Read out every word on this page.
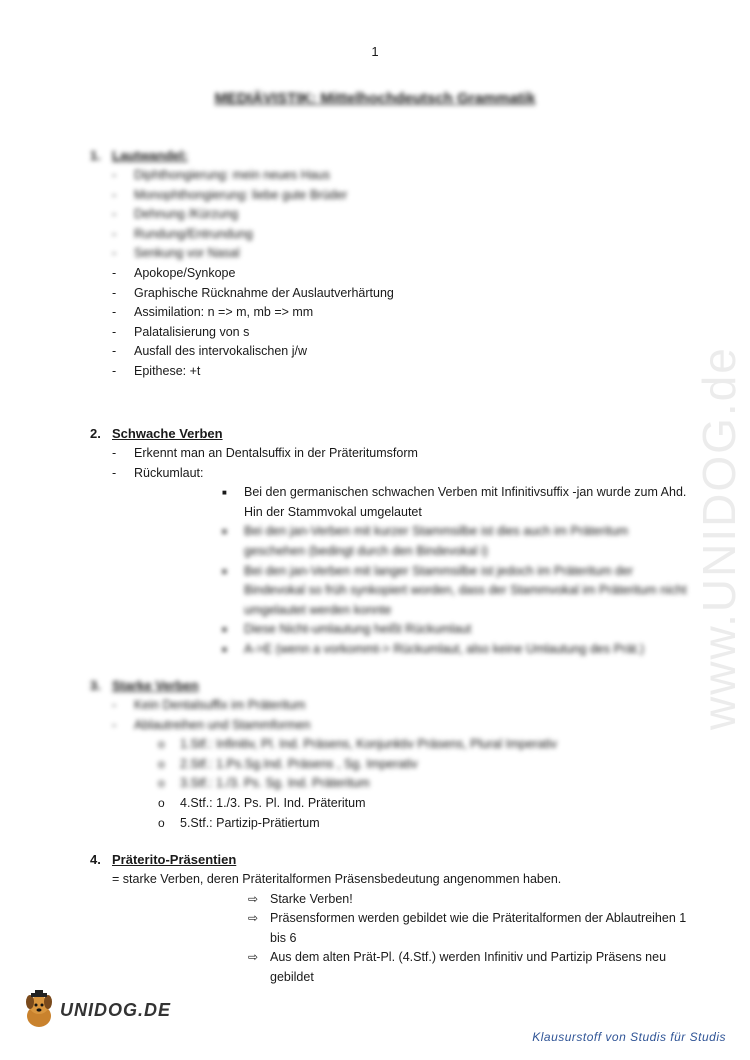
www.UNIDOG.de
1
MEDIÄVISTIK: Mittelhochdeutsch Grammatik
1. Lautwandel:
- Diphthongierung: mein neues Haus
- Monophthongierung: liebe gute Brüder
- Dehnung /Kürzung
- Rundung/Entrundung
- Senkung vor Nasal
- Apokope/Synkope
- Graphische Rücknahme der Auslautverhärtung
- Assimilation: n => m, mb => mm
- Palatalisierung von s
- Ausfall des intervokalischen j/w
- Epithese: +t
2. Schwache Verben
- Erkennt man an Dentalsuffix in der Präteritumsform
- Rückumlaut:
■ Bei den germanischen schwachen Verben mit Infinitivsuffix -jan wurde zum Ahd. Hin der Stammvokal umgelautet
■ Bei den jan-Verben mit kurzer Stammsilbe ist dies auch im Präteritum geschehen (bedingt durch den Bindevokal i)
■ Bei den jan-Verben mit langer Stammsilbe ist jedoch im Präteritum der Bindevokal so früh synkopiert worden, dass der Stammvokal im Präteritum nicht umgelautet werden konnte
■ Diese Nicht-umlautung heißt Rückumlaut
■ A->E (wenn a vorkommt-> Rückumlaut, also keine Umlautung des Prät.)
3. Starke Verben
- Kein Dentalsuffix im Präteritum
- Ablautreihen und Stammformen
o 1.Stf.: Infinitiv, Pl. Ind. Präsens, Konjunktiv Präsens, Plural Imperativ
o 2.Stf.: 1.Ps.Sg.Ind. Präsens , Sg. Imperativ
o 3.Stf.: 1./3. Ps. Sg. Ind. Präteritum
o 4.Stf.: 1./3. Ps. Pl. Ind. Präteritum
o 5.Stf.: Partizip-Prätiertum
4. Präterito-Präsentien
= starke Verben, deren Präteritalformen Präsensbedeutung angenommen haben.
⇨ Starke Verben!
⇨ Präsensformen werden gebildet wie die Präteritalformen der Ablautreihen 1 bis 6
⇨ Aus dem alten Prät-Pl. (4.Stf.) werden Infinitiv und Partizip Präsens neu gebildet
UNIDOG.DE
Klausurstoff von Studis für Studis
